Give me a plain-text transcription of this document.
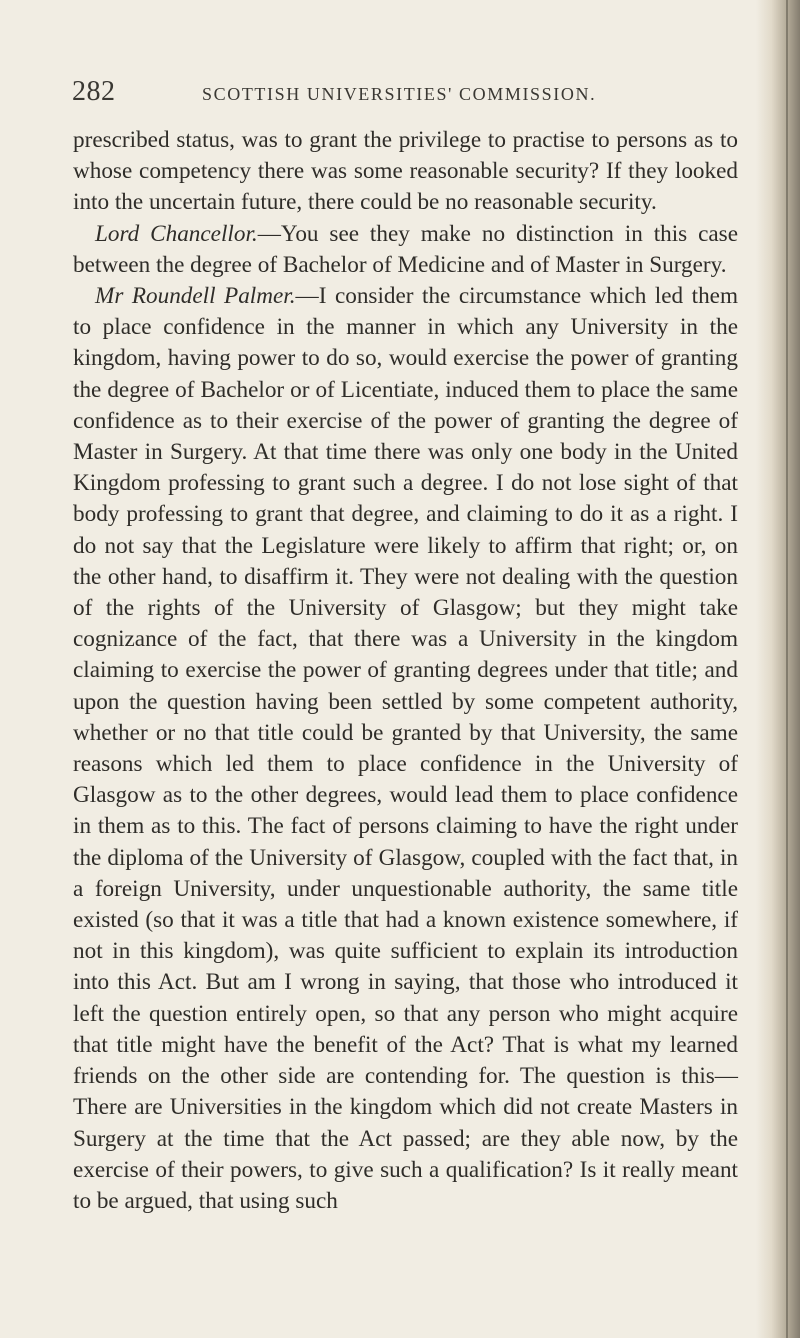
282	SCOTTISH UNIVERSITIES' COMMISSION.

prescribed status, was to grant the privilege to practise to persons as to whose competency there was some reasonable security? If they looked into the uncertain future, there could be no reasonable security.

Lord Chancellor.—You see they make no distinction in this case between the degree of Bachelor of Medicine and of Master in Surgery.

Mr Roundell Palmer.—I consider the circumstance which led them to place confidence in the manner in which any University in the kingdom, having power to do so, would exercise the power of granting the degree of Bachelor or of Licentiate, induced them to place the same confidence as to their exercise of the power of granting the degree of Master in Surgery. At that time there was only one body in the United Kingdom professing to grant such a degree. I do not lose sight of that body professing to grant that degree, and claiming to do it as a right. I do not say that the Legislature were likely to affirm that right; or, on the other hand, to disaffirm it. They were not dealing with the question of the rights of the University of Glasgow; but they might take cognizance of the fact, that there was a University in the kingdom claiming to exercise the power of granting degrees under that title; and upon the question having been settled by some competent authority, whether or no that title could be granted by that University, the same reasons which led them to place confidence in the University of Glasgow as to the other degrees, would lead them to place confidence in them as to this. The fact of persons claiming to have the right under the diploma of the University of Glasgow, coupled with the fact that, in a foreign University, under unquestionable authority, the same title existed (so that it was a title that had a known existence somewhere, if not in this kingdom), was quite sufficient to explain its introduction into this Act. But am I wrong in saying, that those who introduced it left the question entirely open, so that any person who might acquire that title might have the benefit of the Act? That is what my learned friends on the other side are contending for. The question is this— There are Universities in the kingdom which did not create Masters in Surgery at the time that the Act passed; are they able now, by the exercise of their powers, to give such a qualification? Is it really meant to be argued, that using such
